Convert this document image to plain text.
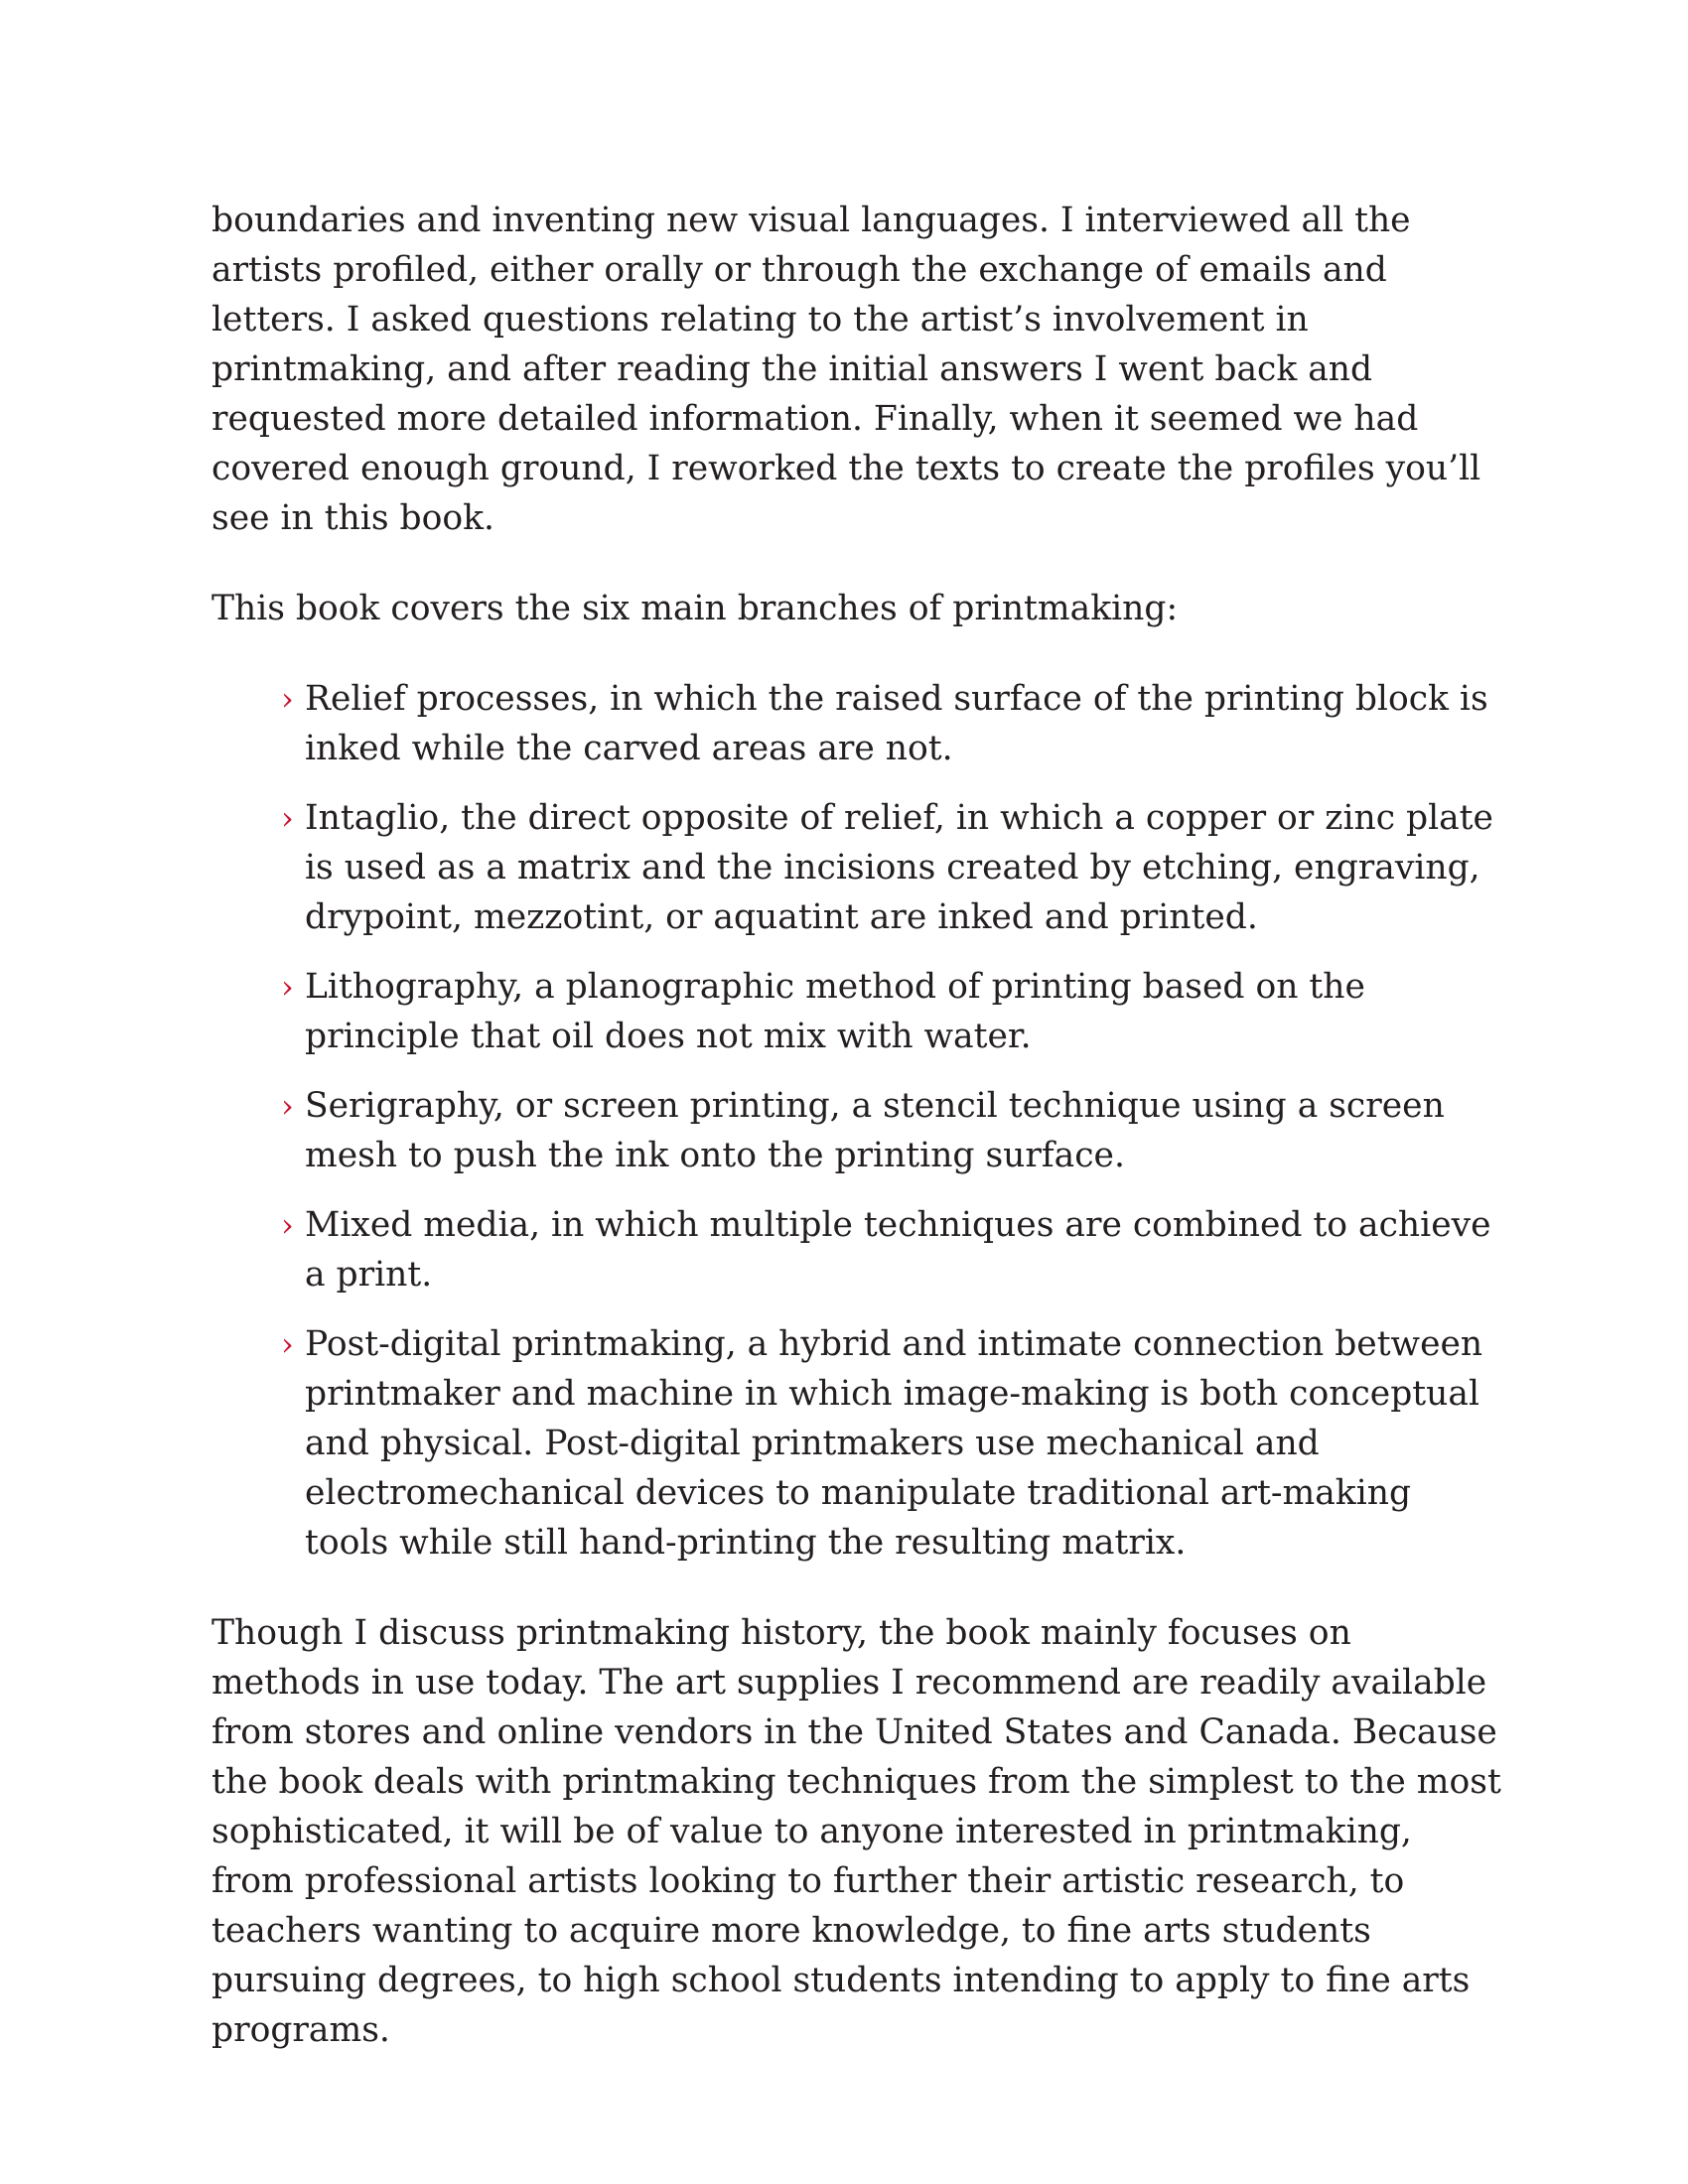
boundaries and inventing new visual languages. I interviewed all the artists profiled, either orally or through the exchange of emails and letters. I asked questions relating to the artist’s involvement in printmaking, and after reading the initial answers I went back and requested more detailed information. Finally, when it seemed we had covered enough ground, I reworked the texts to create the profiles you’ll see in this book.

This book covers the six main branches of printmaking:

› Relief processes, in which the raised surface of the printing block is inked while the carved areas are not.
› Intaglio, the direct opposite of relief, in which a copper or zinc plate is used as a matrix and the incisions created by etching, engraving, drypoint, mezzotint, or aquatint are inked and printed.
› Lithography, a planographic method of printing based on the principle that oil does not mix with water.
› Serigraphy, or screen printing, a stencil technique using a screen mesh to push the ink onto the printing surface.
› Mixed media, in which multiple techniques are combined to achieve a print.
› Post-digital printmaking, a hybrid and intimate connection between printmaker and machine in which image-making is both conceptual and physical. Post-digital printmakers use mechanical and electromechanical devices to manipulate traditional art-making tools while still hand-printing the resulting matrix.

Though I discuss printmaking history, the book mainly focuses on methods in use today. The art supplies I recommend are readily available from stores and online vendors in the United States and Canada. Because the book deals with printmaking techniques from the simplest to the most sophisticated, it will be of value to anyone interested in printmaking, from professional artists looking to further their artistic research, to teachers wanting to acquire more knowledge, to fine arts students pursuing degrees, to high school students intending to apply to fine arts programs.
